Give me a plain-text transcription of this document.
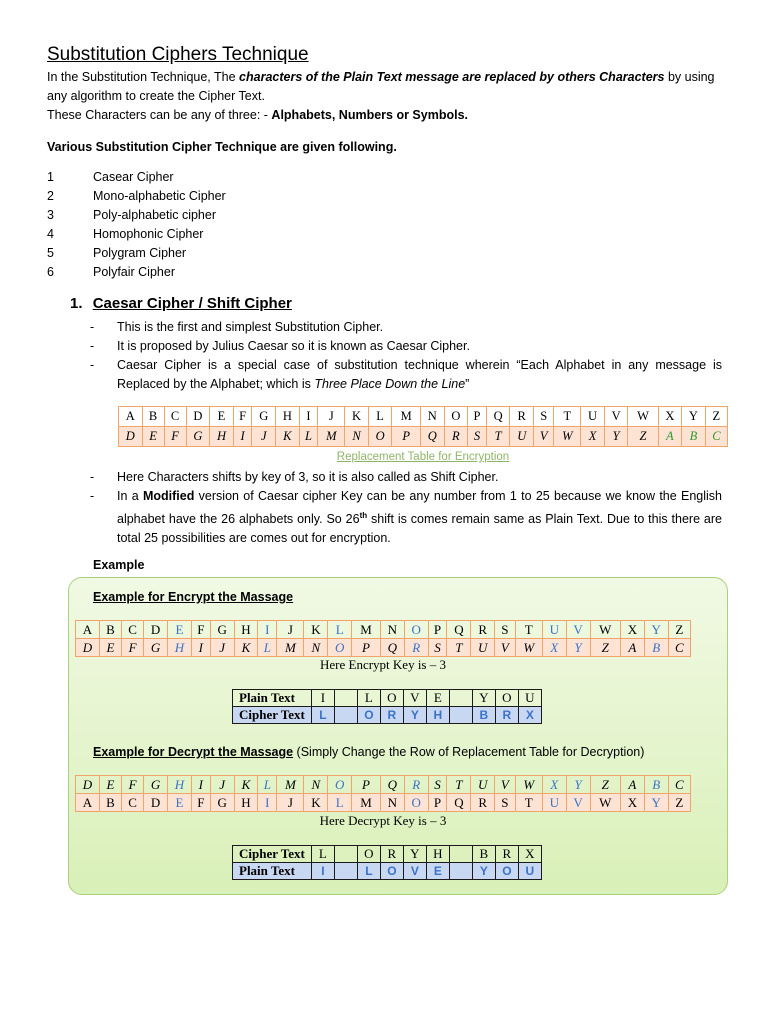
Substitution Ciphers Technique
In the Substitution Technique, The characters of the Plain Text message are replaced by others Characters by using
any algorithm to create the Cipher Text.
These Characters can be any of three: - Alphabets, Numbers or Symbols.
Various Substitution Cipher Technique are given following.
1	Casear Cipher
2	Mono-alphabetic Cipher
3	Poly-alphabetic cipher
4	Homophonic Cipher
5	Polygram Cipher
6	Polyfair Cipher
1. Caesar Cipher / Shift Cipher
- This is the first and simplest Substitution Cipher.
- It is proposed by Julius Caesar so it is known as Caesar Cipher.
- Caesar Cipher is a special case of substitution technique wherein “Each Alphabet in any message is Replaced by the Alphabet; which is Three Place Down the Line”
A	B	C	D	E	F	G	H	I	J	K	L	M	N	O	P	Q	R	S	T	U	V	W	X	Y	Z
D	E	F	G	H	I	J	K	L	M	N	O	P	Q	R	S	T	U	V	W	X	Y	Z	A	B	C
Replacement Table for Encryption
- Here Characters shifts by key of 3, so it is also called as Shift Cipher.
- In a Modified version of Caesar cipher Key can be any number from 1 to 25 because we know the English alphabet have the 26 alphabets only. So 26th shift is comes remain same as Plain Text. Due to this there are total 25 possibilities are comes out for encryption.
Example
Example for Encrypt the Massage
A	B	C	D	E	F	G	H	I	J	K	L	M	N	O	P	Q	R	S	T	U	V	W	X	Y	Z
D	E	F	G	H	I	J	K	L	M	N	O	P	Q	R	S	T	U	V	W	X	Y	Z	A	B	C
Here Encrypt Key is – 3
Plain Text	I		L	O	V	E		Y	O	U
Cipher Text	L		O	R	Y	H		B	R	X
Example for Decrypt the Massage (Simply Change the Row of Replacement Table for Decryption)
D	E	F	G	H	I	J	K	L	M	N	O	P	Q	R	S	T	U	V	W	X	Y	Z	A	B	C
A	B	C	D	E	F	G	H	I	J	K	L	M	N	O	P	Q	R	S	T	U	V	W	X	Y	Z
Here Decrypt Key is – 3
Cipher Text	L		O	R	Y	H		B	R	X
Plain Text	I		L	O	V	E		Y	O	U
